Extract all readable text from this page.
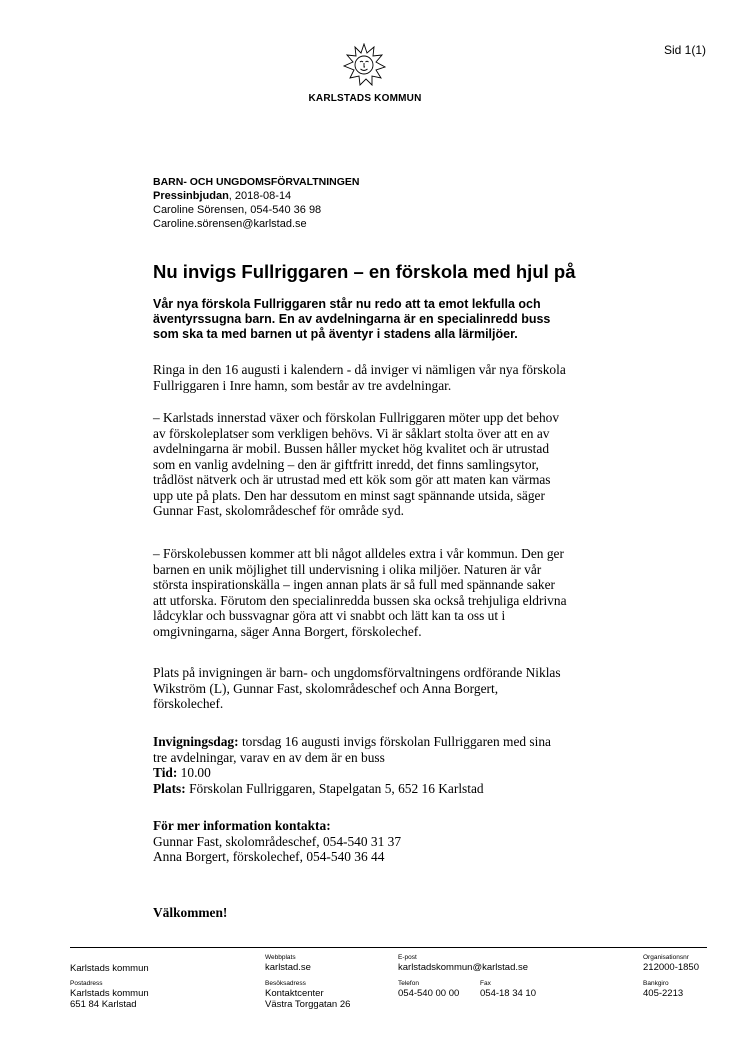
Sid 1(1)
KARLSTADS KOMMUN
BARN- OCH UNGDOMSFÖRVALTNINGEN
Pressinbjudan, 2018-08-14
Caroline Sörensen, 054-540 36 98
Caroline.sörensen@karlstad.se
Nu invigs Fullriggaren – en förskola med hjul på
Vår nya förskola Fullriggaren står nu redo att ta emot lekfulla och
äventyrssugna barn. En av avdelningarna är en specialinredd buss
som ska ta med barnen ut på äventyr i stadens alla lärmiljöer.

Ringa in den 16 augusti i kalendern - då inviger vi nämligen vår nya förskola

Fullriggaren i Inre hamn, som består av tre avdelningar.

– Karlstads innerstad växer och förskolan Fullriggaren möter upp det behov

av förskoleplatser som verkligen behövs. Vi är såklart stolta över att en av

avdelningarna är mobil. Bussen håller mycket hög kvalitet och är utrustad

som en vanlig avdelning – den är giftfritt inredd, det finns samlingsytor,

trådlöst nätverk och är utrustad med ett kök som gör att maten kan värmas

upp ute på plats. Den har dessutom en minst sagt spännande utsida, säger

Gunnar Fast, skolområdeschef för område syd.

– Förskolebussen kommer att bli något alldeles extra i vår kommun. Den ger

barnen en unik möjlighet till undervisning i olika miljöer. Naturen är vår

största inspirationskälla – ingen annan plats är så full med spännande saker

att utforska. Förutom den specialinredda bussen ska också trehjuliga eldrivna

lådcyklar och bussvagnar göra att vi snabbt och lätt kan ta oss ut i

omgivningarna, säger Anna Borgert, förskolechef.

Plats på invigningen är barn- och ungdomsförvaltningens ordförande Niklas

Wikström (L), Gunnar Fast, skolområdeschef och Anna Borgert,

förskolechef.

Invigningsdag: torsdag 16 augusti invigs förskolan Fullriggaren med sina

tre avdelningar, varav en av dem är en buss

Tid: 10.00

Plats: Förskolan Fullriggaren, Stapelgatan 5, 652 16 Karlstad

För mer information kontakta:

Gunnar Fast, skolområdeschef, 054-540 31 37

Anna Borgert, förskolechef, 054-540 36 44

Välkommen!
Karlstads kommun
Webbplats
karlstad.se
E-post
karlstadskommun@karlstad.se
Organisationsnr
212000-1850
Postadress
Karlstads kommun
651 84 Karlstad
Besöksadress
Kontaktcenter
Västra Torggatan 26
Telefon
054-540 00 00
Fax
054-18 34 10
Bankgiro
405-2213
